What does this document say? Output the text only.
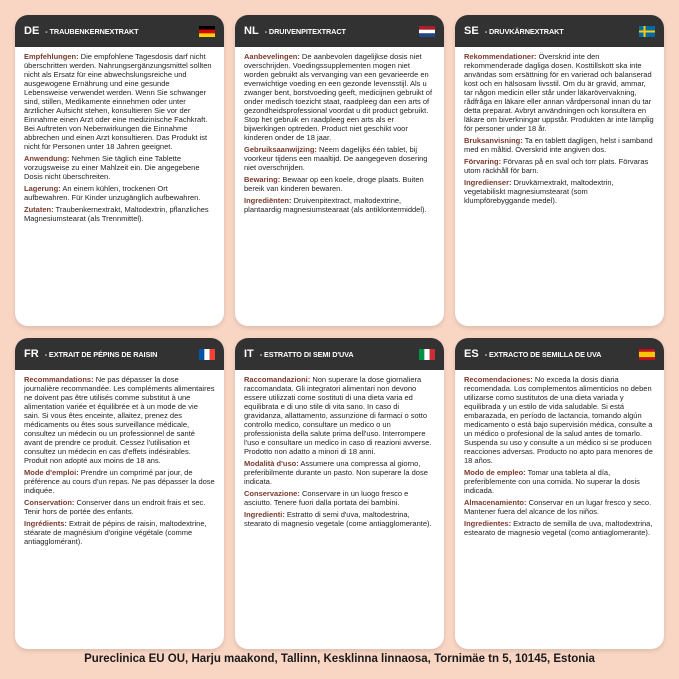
DE - TRAUBENKERNEXTRAKT

Empfehlungen: Die empfohlene Tagesdosis darf nicht überschritten werden. Nahrungsergänzungsmittel sollten nicht als Ersatz für eine abwechslungsreiche und ausgewogene Ernährung und eine gesunde Lebensweise verwendet werden. Wenn Sie schwanger sind, stillen, Medikamente einnehmen oder unter ärztlicher Aufsicht stehen, konsultieren Sie vor der Einnahme einen Arzt oder eine medizinische Fachkraft. Bei Auftreten von Nebenwirkungen die Einnahme abbrechen und einen Arzt konsultieren. Das Produkt ist nicht für Personen unter 18 Jahren geeignet.

Anwendung: Nehmen Sie täglich eine Tablette vorzugsweise zu einer Mahlzeit ein. Die angegebene Dosis nicht überschreiten.

Lagerung: An einem kühlen, trockenen Ort aufbewahren. Für Kinder unzugänglich aufbewahren.

Zutaten: Traubenkernextrakt, Maltodextrin, pflanzliches Magnesiumstearat (als Trennmittel).

NL - DRUIVENPITEXTRACT

Aanbevelingen: De aanbevolen dagelijkse dosis niet overschrijden. Voedingssupplementen mogen niet worden gebruikt als vervanging van een gevarieerde en evenwichtige voeding en een gezonde levensstijl. Als u zwanger bent, borstvoeding geeft, medicijnen gebruikt of onder medisch toezicht staat, raadpleeg dan een arts of gezondheidsprofessional voordat u dit product gebruikt. Stop het gebruik en raadpleeg een arts als er bijwerkingen optreden. Product niet geschikt voor kinderen onder de 18 jaar.

Gebruiksaanwijzing: Neem dagelijks één tablet, bij voorkeur tijdens een maaltijd. De aangegeven dosering niet overschrijden.

Bewaring: Bewaar op een koele, droge plaats. Buiten bereik van kinderen bewaren.

Ingrediënten: Druivenpitextract, maltodextrine, plantaardig magnesiumstearaat (als antiklontermiddel).

SE - DRUVKÄRNEXTRAKT

Rekommendationer: Överskrid inte den rekommenderade dagliga dosen. Kosttillskott ska inte användas som ersättning för en varierad och balanserad kost och en hälsosam livsstil. Om du är gravid, ammar, tar någon medicin eller står under läkarövervakning, rådfråga en läkare eller annan vårdpersonal innan du tar detta preparat. Avbryt användningen och konsultera en läkare om biverkningar uppstår. Produkten är inte lämplig för personer under 18 år.

Bruksanvisning: Ta en tablett dagligen, helst i samband med en måltid. Överskrid inte angiven dos.

Förvaring: Förvaras på en sval och torr plats. Förvaras utom räckhåll för barn.

Ingredienser: Druvkärnextrakt, maltodextrin, vegetabiliskt magnesiumstearat (som klumpförebyggande medel).

FR - EXTRAIT DE PÉPINS DE RAISIN

Recommandations: Ne pas dépasser la dose journalière recommandée. Les compléments alimentaires ne doivent pas être utilisés comme substitut à une alimentation variée et équilibrée et à un mode de vie sain. Si vous êtes enceinte, allaitez, prenez des médicaments ou êtes sous surveillance médicale, consultez un médecin ou un professionnel de santé avant de prendre ce produit. Cessez l'utilisation et consultez un médecin en cas d'effets indésirables. Produit non adopté aux moins de 18 ans.

Mode d'emploi: Prendre un comprimé par jour, de préférence au cours d'un repas. Ne pas dépasser la dose indiquée.

Conservation: Conserver dans un endroit frais et sec. Tenir hors de portée des enfants.

Ingrédients: Extrait de pépins de raisin, maltodextrine, stéarate de magnésium d'origine végétale (comme antiagglomérant).

IT - ESTRATTO DI SEMI D'UVA

Raccomandazioni: Non superare la dose giornaliera raccomandata. Gli integratori alimentari non devono essere utilizzati come sostituti di una dieta varia ed equilibrata e di uno stile di vita sano. In caso di gravidanza, allattamento, assunzione di farmaci o sotto controllo medico, consultare un medico o un professionista della salute prima dell'uso. Interrompere l'uso e consultare un medico in caso di reazioni avverse. Prodotto non adatto a minori di 18 anni.

Modalità d'uso: Assumere una compressa al giorno, preferibilmente durante un pasto. Non superare la dose indicata.

Conservazione: Conservare in un luogo fresco e asciutto. Tenere fuori dalla portata dei bambini.

Ingredienti: Estratto di semi d'uva, maltodestrina, stearato di magnesio vegetale (come antiagglomerante).

ES - EXTRACTO DE SEMILLA DE UVA

Recomendaciones: No exceda la dosis diaria recomendada. Los complementos alimenticios no deben utilizarse como sustitutos de una dieta variada y equilibrada y un estilo de vida saludable. Si está embarazada, en período de lactancia, tomando algún medicamento o está bajo supervisión médica, consulte a un médico o profesional de la salud antes de tomarlo. Suspenda su uso y consulte a un médico si se producen reacciones adversas. Producto no apto para menores de 18 años.

Modo de empleo: Tomar una tableta al día, preferiblemente con una comida. No superar la dosis indicada.

Almacenamiento: Conservar en un lugar fresco y seco. Mantener fuera del alcance de los niños.

Ingredientes: Extracto de semilla de uva, maltodextrina, estearato de magnesio vegetal (como antiaglomerante).

Pureclinica EU OU, Harju maakond, Tallinn, Kesklinna linnaosa, Tornimäe tn 5, 10145, Estonia
